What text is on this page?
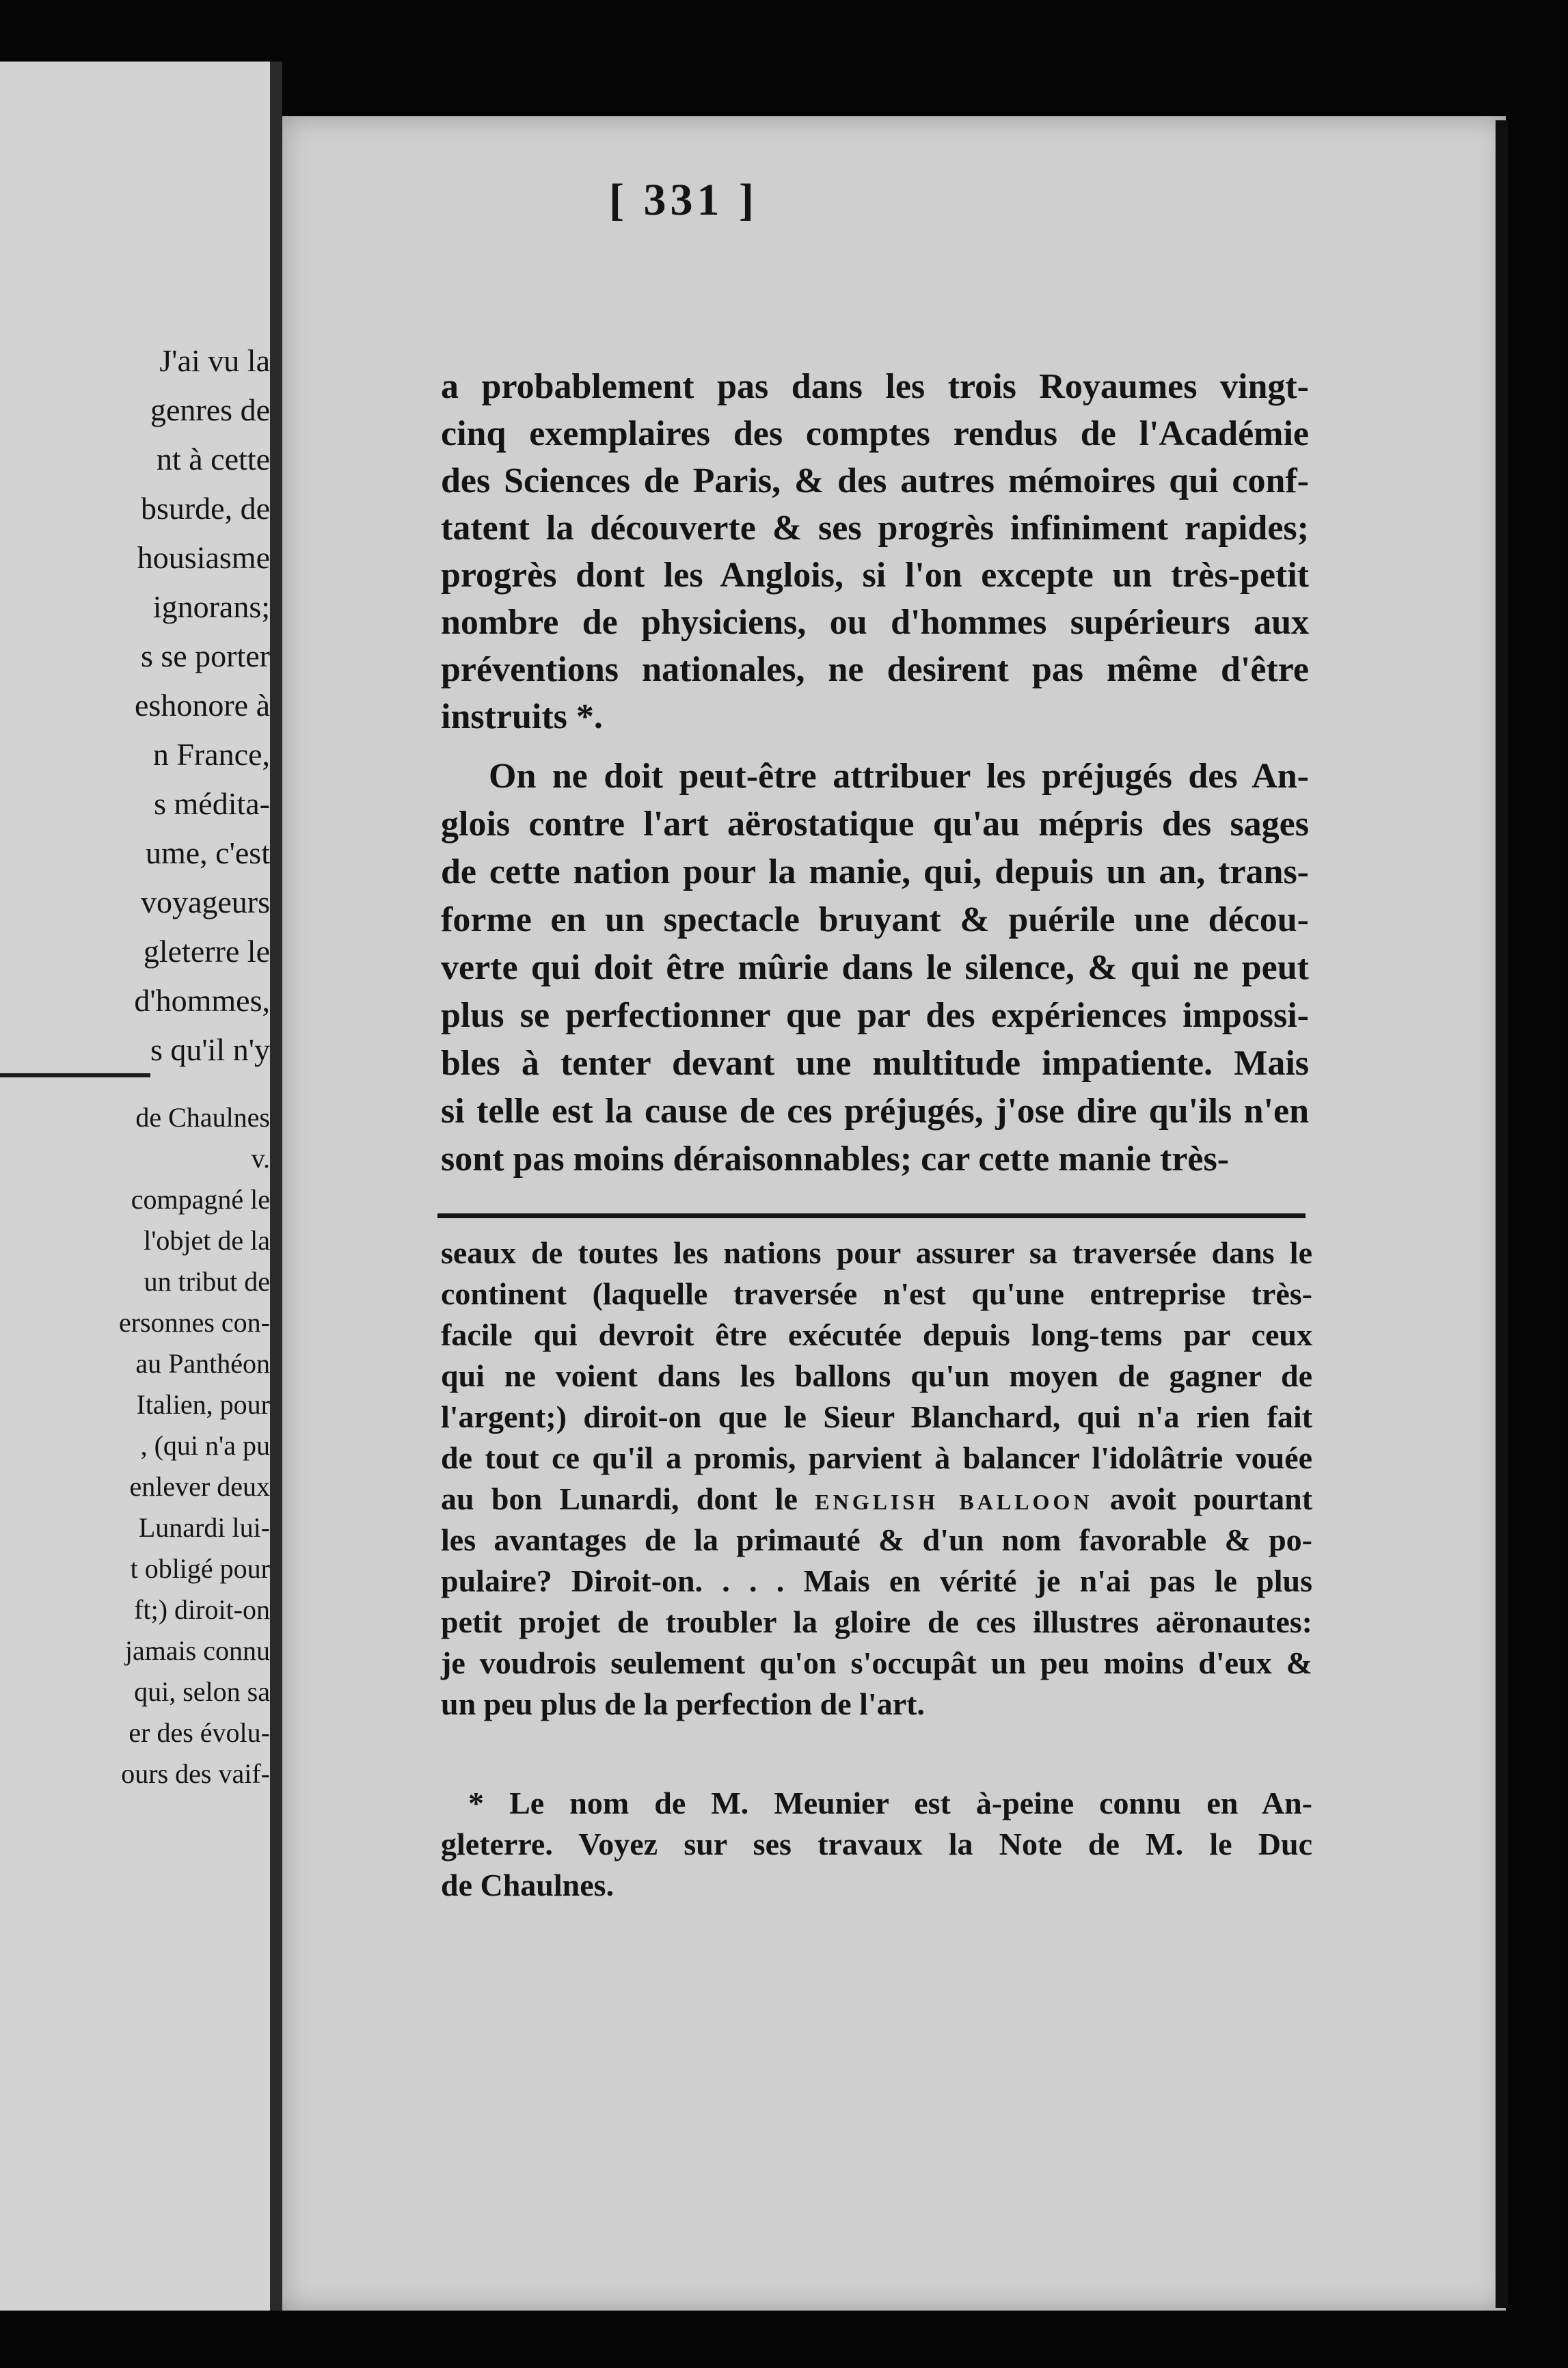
J'ai vu la
genres de
nt à cette
bsurde, de
housiasme
ignorans;
s se porter
eshonore à
n France,
s médita-
ume, c'est
voyageurs
gleterre le
d'hommes,
s qu'il n'y
de Chaulnes
v.
compagné le
l'objet de la
un tribut de
ersonnes con-
au Panthéon
Italien, pour
, (qui n'a pu
enlever deux
Lunardi lui-
t obligé pour
ft;) diroit-on
jamais connu
qui, selon sa
er des évolu-
ours des vaif-
[ 331 ]
a probablement pas dans les trois Royaumes vingt-
cinq exemplaires des comptes rendus de l'Académie
des Sciences de Paris, & des autres mémoires qui conf-
tatent la découverte & ses progrès infiniment rapides;
progrès dont les Anglois, si l'on excepte un très-petit
nombre de physiciens, ou d'hommes supérieurs aux
préventions nationales, ne desirent pas même d'être
instruits *.
On ne doit peut-être attribuer les préjugés des An-
glois contre l'art aërostatique qu'au mépris des sages
de cette nation pour la manie, qui, depuis un an, trans-
forme en un spectacle bruyant & puérile une décou-
verte qui doit être mûrie dans le silence, & qui ne peut
plus se perfectionner que par des expériences impossi-
bles à tenter devant une multitude impatiente. Mais
si telle est la cause de ces préjugés, j'ose dire qu'ils n'en
sont pas moins déraisonnables; car cette manie très-
seaux de toutes les nations pour assurer sa traversée dans le
continent (laquelle traversée n'est qu'une entreprise très-
facile qui devroit être exécutée depuis long-tems par ceux
qui ne voient dans les ballons qu'un moyen de gagner de
l'argent;) diroit-on que le Sieur Blanchard, qui n'a rien fait
de tout ce qu'il a promis, parvient à balancer l'idolâtrie vouée
au bon Lunardi, dont le english balloon avoit pourtant
les avantages de la primauté & d'un nom favorable & po-
pulaire? Diroit-on. . . . Mais en vérité je n'ai pas le plus
petit projet de troubler la gloire de ces illustres aëronautes:
je voudrois seulement qu'on s'occupât un peu moins d'eux &
un peu plus de la perfection de l'art.
* Le nom de M. Meunier est à-peine connu en An-
gleterre. Voyez sur ses travaux la Note de M. le Duc
de Chaulnes.
